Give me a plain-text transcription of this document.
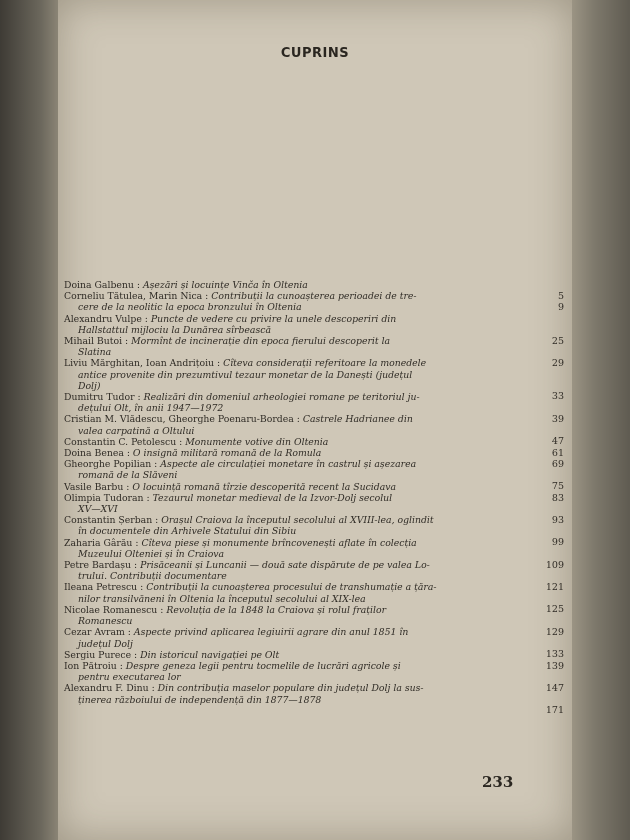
CUPRINS
Doina Galbenu : Așezări și locuințe Vinča în Oltenia
5
Corneliu Tătulea, Marin Nica : Contribuții la cunoașterea perioadei de tre-
cere de la neolitic la epoca bronzului în Oltenia	9
Alexandru Vulpe : Puncte de vedere cu privire la unele descoperiri din
Hallstattul mijlociu la Dunărea sîrbească
25
Mihail Butoi : Mormînt de incinerație din epoca fierului descoperit la
Slatina
29
Liviu Mărghitan, Ioan Andrițoiu : Cîteva considerații referitoare la monedele
antice provenite din prezumtivul tezaur monetar de la Danești (județul
Dolj)
33
Dumitru Tudor : Realizări din domeniul arheologiei romane pe teritoriul ju-
dețului Olt, în anii 1947—1972
39
Cristian M. Vlădescu, Gheorghe Poenaru-Bordea : Castrele Hadrianee din
valea carpatină a Oltului
47
Constantin C. Petolescu : Monumente votive din Oltenia
61
Doina Benea : O insignă militară romană de la Romula
69
Gheorghe Popilian : Aspecte ale circulației monetare în castrul și așezarea
romană de la Slăveni
75
Vasile Barbu : O locuință romană tîrzie descoperită recent la Sucidava
83
Olimpia Tudoran : Tezaurul monetar medieval de la Izvor-Dolj secolul
XV—XVI
93
Constantin Șerban : Orașul Craiova la începutul secolului al XVIII-lea, oglindit
în documentele din Arhivele Statului din Sibiu
99
Zaharia Gârău : Cîteva piese și monumente brîncovenești aflate în colecția
Muzeului Olteniei și în Craiova
109
Petre Bardașu : Prisăceanii și Luncanii — două sate dispărute de pe valea Lo-
trului. Contribuții documentare
121
Ileana Petrescu : Contribuții la cunoașterea procesului de transhumație a țăra-
nilor transilvăneni în Oltenia la începutul secolului al XIX-lea
125
Nicolae Romanescu : Revoluția de la 1848 la Craiova și rolul fraților
Romanescu
129
Cezar Avram : Aspecte privind aplicarea legiuirii agrare din anul 1851 în
județul Dolj
133
Sergiu Purece : Din istoricul navigației pe Olt
139
Ion Pătroiu : Despre geneza legii pentru tocmelile de lucrări agricole și
pentru executarea lor
147
Alexandru F. Dinu : Din contribuția maselor populare din județul Dolj la sus-
ținerea războiului de independență din 1877—1878
171
233
